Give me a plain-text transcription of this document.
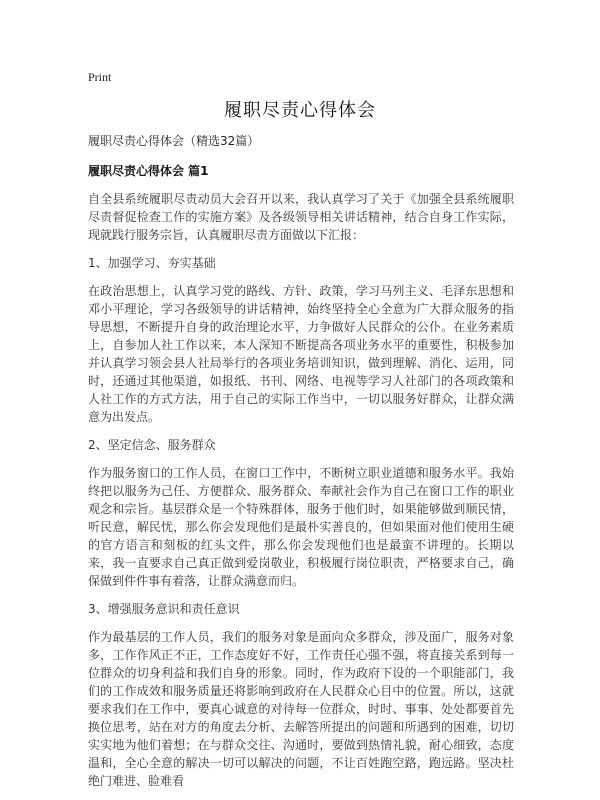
Print
履职尽责心得体会
履职尽责心得体会（精选32篇）
履职尽责心得体会 篇1

自全县系统履职尽责动员大会召开以来，我认真学习了关于《加强全县系统履职尽责督促检查工作的实施方案》及各级领导相关讲话精神，结合自身工作实际，现就践行服务宗旨，认真履职尽责方面做以下汇报：

1、加强学习、夯实基础

在政治思想上，认真学习党的路线、方针、政策，学习马列主义、毛泽东思想和邓小平理论，学习各级领导的讲话精神，始终坚持全心全意为广大群众服务的指导思想，不断提升自身的政治理论水平，力争做好人民群众的公仆。在业务素质上，自参加人社工作以来，本人深知不断提高各项业务水平的重要性，积极参加并认真学习领会县人社局举行的各项业务培训知识，做到理解、消化、运用，同时，还通过其他渠道，如报纸、书刊、网络、电视等学习人社部门的各项政策和人社工作的方式方法，用于自己的实际工作当中，一切以服务好群众，让群众满意为出发点。

2、坚定信念、服务群众

作为服务窗口的工作人员，在窗口工作中，不断树立职业道德和服务水平。我始终把以服务为己任、方便群众、服务群众、奉献社会作为自己在窗口工作的职业观念和宗旨。基层群众是一个特殊群体，服务于他们时，如果能够做到顺民情，听民意，解民忧，那么你会发现他们是最朴实善良的，但如果面对他们使用生硬的官方语言和刻板的红头文件，那么你会发现他们也是最蛮不讲理的。长期以来，我一直要求自己真正做到爱岗敬业，积极履行岗位职责，严格要求自己，确保做到件件事有着落，让群众满意而归。

3、增强服务意识和责任意识

作为最基层的工作人员，我们的服务对象是面向众多群众，涉及面广，服务对象多，工作作风正不正，工作态度好不好，工作责任心强不强，将直接关系到每一位群众的切身利益和我们自身的形象。同时，作为政府下设的一个职能部门，我们的工作成效和服务质量还将影响到政府在人民群众心目中的位置。所以，这就要求我们在工作中，要真心诚意的对待每一位群众，时时、事事、处处都要首先换位思考，站在对方的角度去分析、去解答所提出的问题和所遇到的困难，切切实实地为他们着想；在与群众交往、沟通时，要做到热情礼貌，耐心细致，态度温和，全心全意的解决一切可以解决的问题，不让百姓跑空路，跑远路。坚决杜绝门难进、脸难看
